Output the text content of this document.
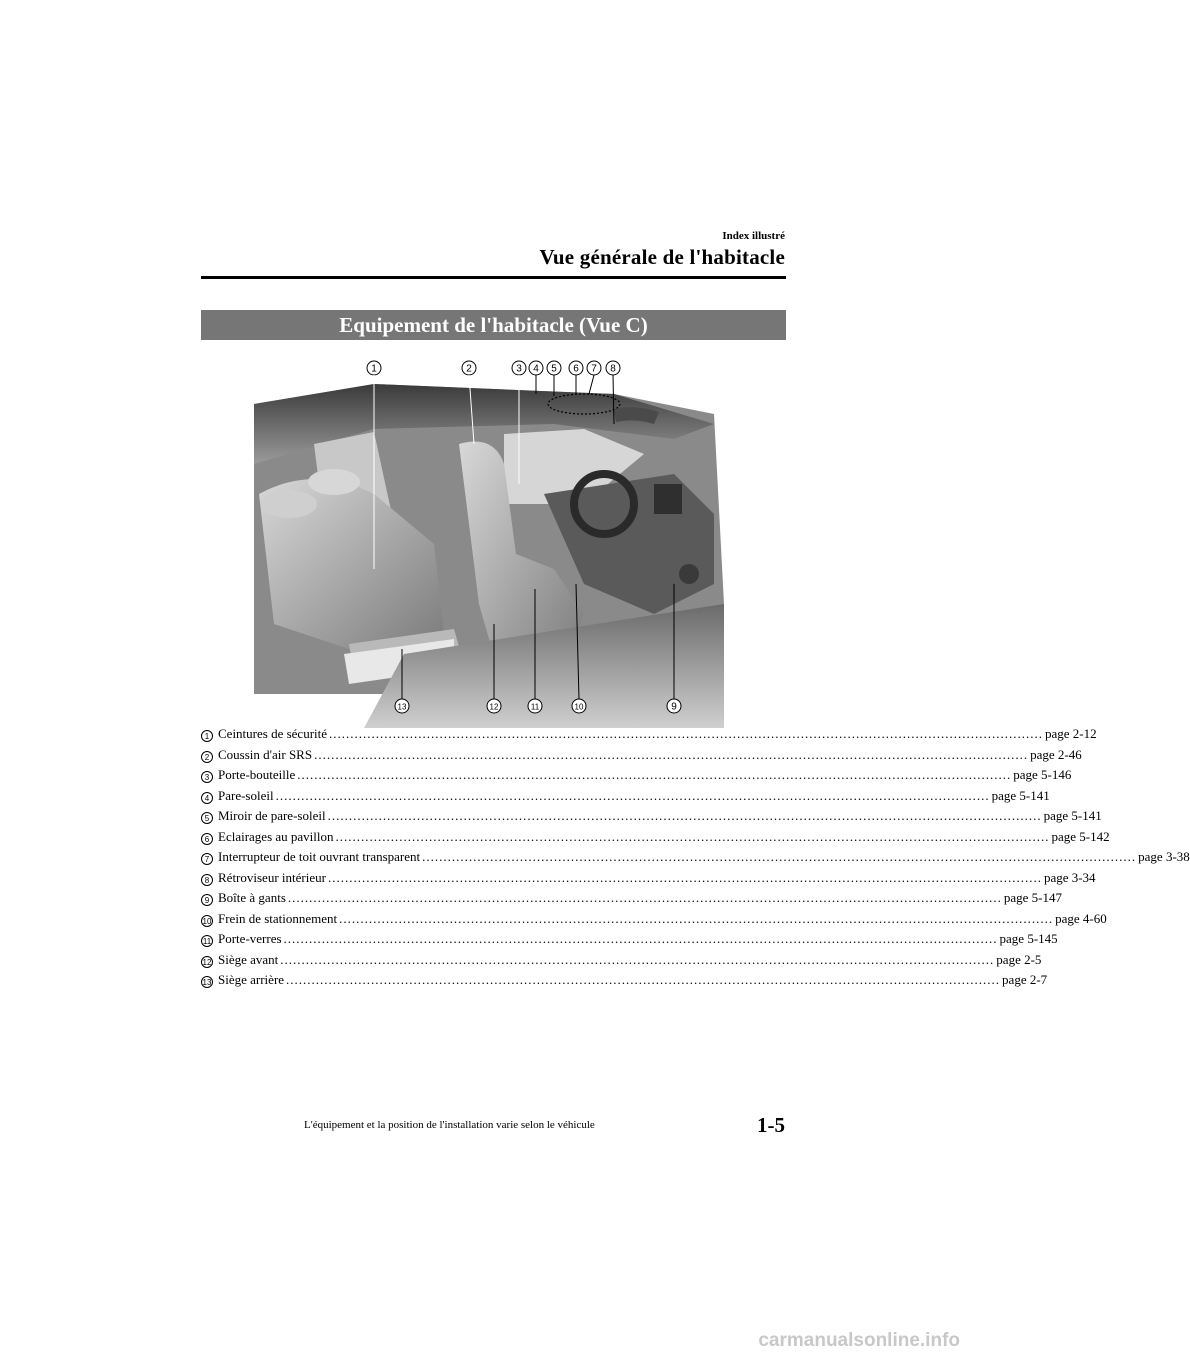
Index illustré
Vue générale de l'habitacle
Equipement de l'habitacle (Vue C)
1	2	3 4 5 6 7 8
13	12	11	10	9
1 Ceintures de sécurité ........................................................................................................................................................................ page 2-12
2 Coussin d'air SRS ........................................................................................................................................................................ page 2-46
3 Porte-bouteille ........................................................................................................................................................................ page 5-146
4 Pare-soleil ........................................................................................................................................................................ page 5-141
5 Miroir de pare-soleil ........................................................................................................................................................................ page 5-141
6 Eclairages au pavillon ........................................................................................................................................................................ page 5-142
7 Interrupteur de toit ouvrant transparent ........................................................................................................................................................................ page 3-38
8 Rétroviseur intérieur ........................................................................................................................................................................ page 3-34
9 Boîte à gants ........................................................................................................................................................................ page 5-147
10 Frein de stationnement ........................................................................................................................................................................ page 4-60
11 Porte-verres ........................................................................................................................................................................ page 5-145
12 Siège avant ........................................................................................................................................................................ page 2-5
13 Siège arrière ........................................................................................................................................................................ page 2-7
1-5
L'équipement et la position de l'installation varie selon le véhicule
carmanualsonline.info
